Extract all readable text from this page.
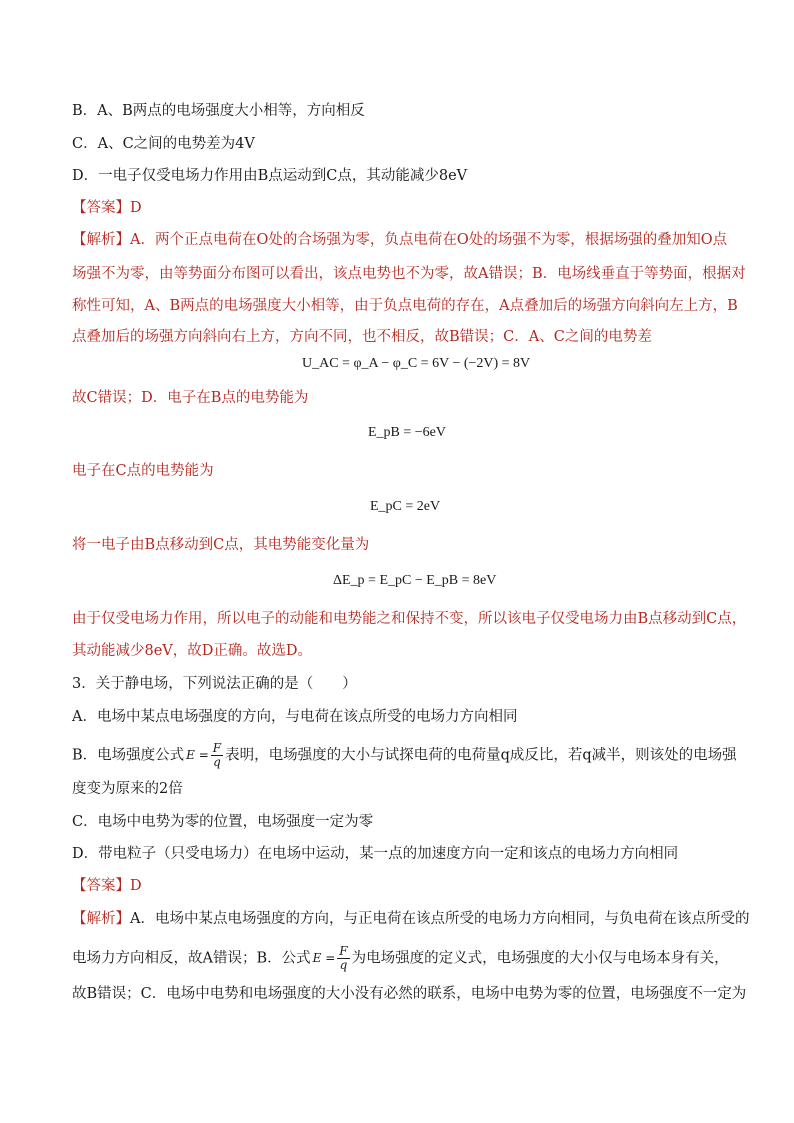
B．A、B两点的电场强度大小相等，方向相反
C．A、C之间的电势差为4V
D．一电子仅受电场力作用由B点运动到C点，其动能减少8eV
【答案】D
【解析】A．两个正点电荷在O处的合场强为零，负点电荷在O处的场强不为零，根据场强的叠加知O点
场强不为零，由等势面分布图可以看出，该点电势也不为零，故A错误；B．电场线垂直于等势面，根据对
称性可知，A、B两点的电场强度大小相等，由于负点电荷的存在，A点叠加后的场强方向斜向左上方，B
点叠加后的场强方向斜向右上方，方向不同，也不相反，故B错误；C．A、C之间的电势差
U_AC = φ_A − φ_C = 6V − (−2V) = 8V
故C错误；D．电子在B点的电势能为
E_pB = −6eV
电子在C点的电势能为
E_pC = 2eV
将一电子由B点移动到C点，其电势能变化量为
ΔE_p = E_pC − E_pB = 8eV
由于仅受电场力作用，所以电子的动能和电势能之和保持不变，所以该电子仅受电场力由B点移动到C点，
其动能减少8eV，故D正确。故选D。
3．关于静电场，下列说法正确的是（　　）
A．电场中某点电场强度的方向，与电荷在该点所受的电场力方向相同
B．电场强度公式 $E = \frac{F}{q}$ 表明，电场强度的大小与试探电荷的电荷量q成反比，若q减半，则该处的电场强
度变为原来的2倍
C．电场中电势为零的位置，电场强度一定为零
D．带电粒子（只受电场力）在电场中运动，某一点的加速度方向一定和该点的电场力方向相同
【答案】D
【解析】A．电场中某点电场强度的方向，与正电荷在该点所受的电场力方向相同，与负电荷在该点所受的
电场力方向相反，故A错误；B．公式 $E = \frac{F}{q}$ 为电场强度的定义式，电场强度的大小仅与电场本身有关，
故B错误；C．电场中电势和电场强度的大小没有必然的联系，电场中电势为零的位置，电场强度不一定为
